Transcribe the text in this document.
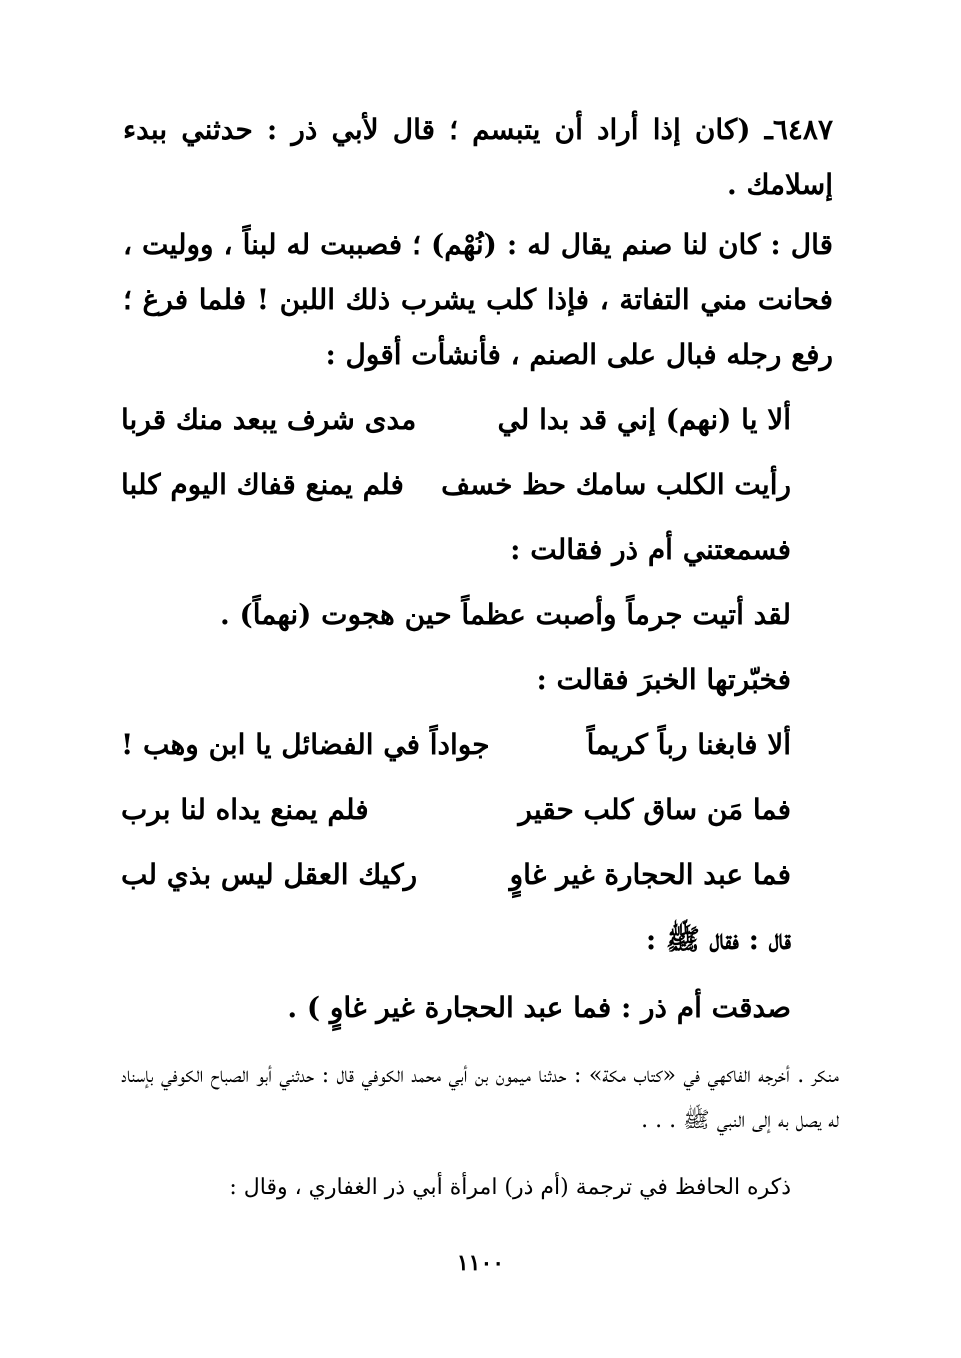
٦٤٨٧ـ (كان إذا أراد أن يتبسم ؛ قال لأبي ذر : حدثني ببدء إسلامك .
قال : كان لنا صنم يقال له : (نُهْم) ؛ فصببت له لبناً ، ووليت ، فحانت مني التفاتة ، فإذا كلب يشرب ذلك اللبن ! فلما فرغ ؛ رفع رجله فبال على الصنم ، فأنشأت أقول :
ألا يا (نهم) إني قد بدا لي
مدى شرف يبعد منك قربا
رأيت الكلب سامك حظ خسف
فلم يمنع قفاك اليوم كلبا
فسمعتني أم ذر فقالت :
لقد أتيت جرماً وأصبت عظماً حين هجوت (نهماً) .
فخبّرتها الخبرَ فقالت :
ألا فابغنا رباً كريماً
جواداً في الفضائل يا ابن وهب !
فما مَن ساق كلب حقير
فلم يمنع يداه لنا برب
فما عبد الحجارة غير غاوٍ
ركيك العقل ليس بذي لب
قال : فقال ﷺ :
صدقت أم ذر : فما عبد الحجارة غير غاوٍ ) .
منكر . أخرجه الفاكهي في «كتاب مكة» : حدثنا ميمون بن أبي محمد الكوفي قال : حدثني أبو الصباح الكوفي بإسناد له يصل به إلى النبي ﷺ . . .
ذكره الحافظ في ترجمة (أم ذر) امرأة أبي ذر الغفاري ، وقال :
١١٠٠
